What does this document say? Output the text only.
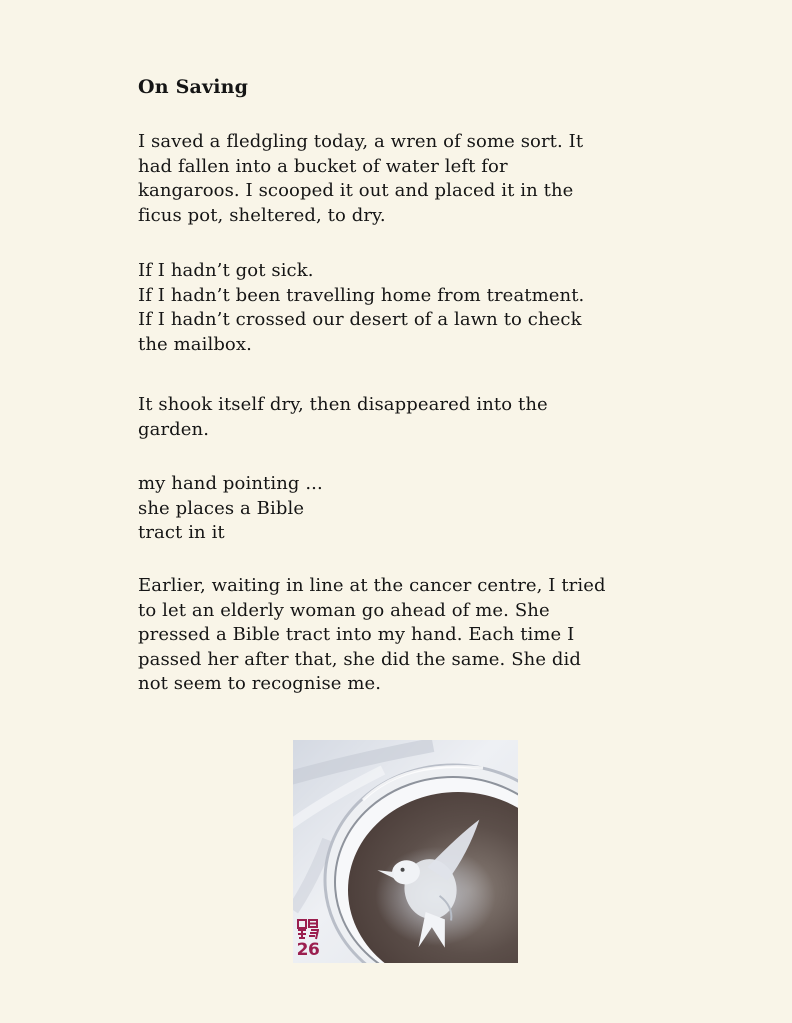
On Saving
I saved a fledgling today, a wren of some sort. It
had fallen into a bucket of water left for
kangaroos. I scooped it out and placed it in the
ficus pot, sheltered, to dry.
If I hadn’t got sick.
If I hadn’t been travelling home from treatment.
If I hadn’t crossed our desert of a lawn to check
the mailbox.
It shook itself dry, then disappeared into the
garden.
my hand pointing ...
she places a Bible
tract in it
Earlier, waiting in line at the cancer centre, I tried
to let an elderly woman go ahead of me. She
pressed a Bible tract into my hand. Each time I
passed her after that, she did the same. She did
not seem to recognise me.
26
